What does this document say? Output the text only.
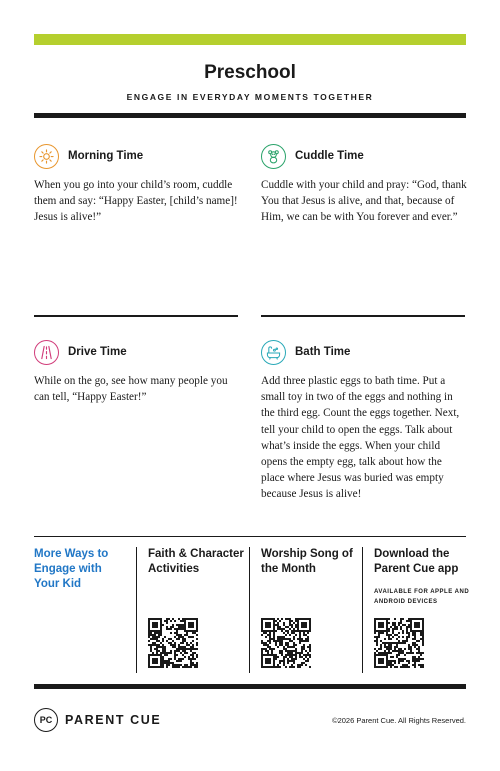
Preschool
ENGAGE IN EVERYDAY MOMENTS TOGETHER
Morning Time

When you go into your child’s room, cuddle them and say: “Happy Easter, [child’s name]! Jesus is alive!”

Cuddle Time

Cuddle with your child and pray: “God, thank You that Jesus is alive, and that, because of Him, we can be with You forever and ever.”

Drive Time

While on the go, see how many people you can tell, “Happy Easter!”

Bath Time

Add three plastic eggs to bath time. Put a small toy in two of the eggs and nothing in the third egg. Count the eggs together. Next, tell your child to open the eggs. Talk about what’s inside the eggs. When your child opens the empty egg, talk about how the place where Jesus was buried was empty because Jesus is alive!

More Ways to Engage with Your Kid
Faith & Character Activities
Worship Song of the Month
Download the Parent Cue app
AVAILABLE FOR APPLE AND ANDROID DEVICES
PC	PARENT CUE	©2026 Parent Cue. All Rights Reserved.
